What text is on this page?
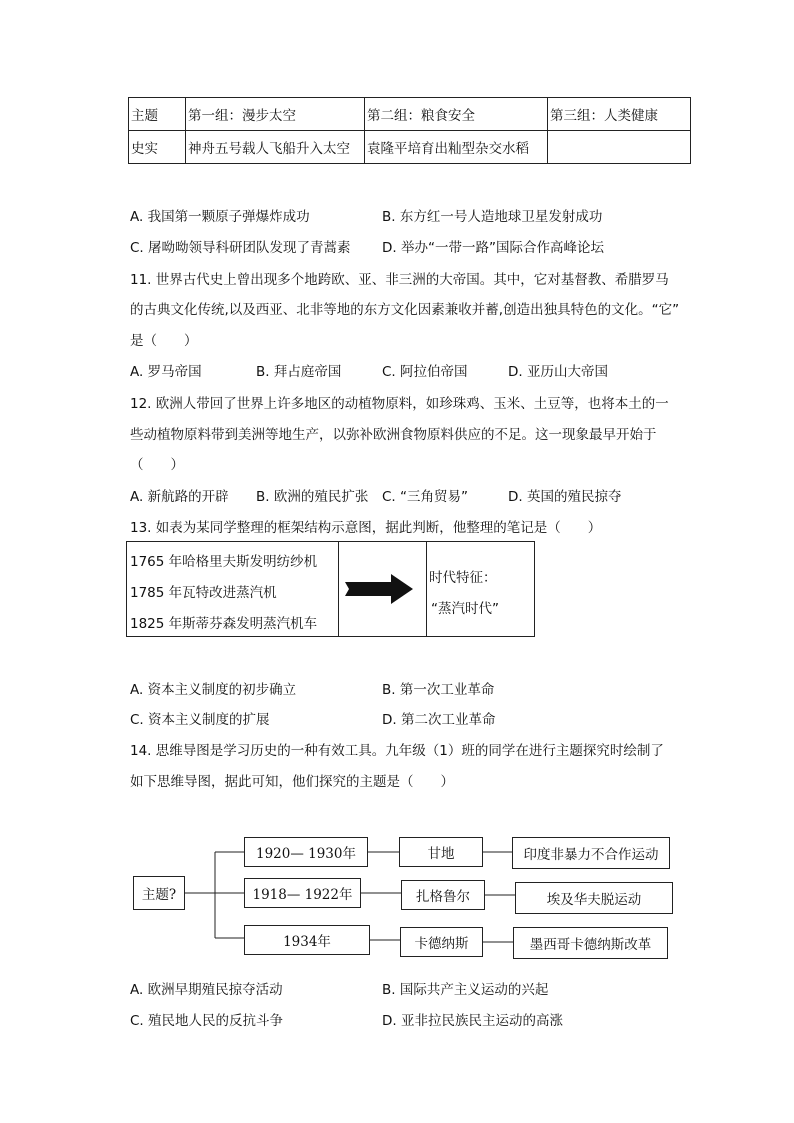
主题	第一组：漫步太空	第二组：粮食安全	第三组：人类健康
史实	神舟五号载人飞船升入太空	袁隆平培育出籼型杂交水稻	
A. 我国第一颗原子弹爆炸成功	B. 东方红一号人造地球卫星发射成功
C. 屠呦呦领导科研团队发现了青蒿素 D. 举办“一带一路”国际合作高峰论坛
11. 世界古代史上曾出现多个地跨欧、亚、非三洲的大帝国。其中，它对基督教、希腊罗马
的古典文化传统,以及西亚、北非等地的东方文化因素兼收并蓄,创造出独具特色的文化。“它”
是（　　）
A. 罗马帝国	B. 拜占庭帝国	C. 阿拉伯帝国	D. 亚历山大帝国
12. 欧洲人带回了世界上许多地区的动植物原料，如珍珠鸡、玉米、土豆等，也将本土的一
些动植物原料带到美洲等地生产，以弥补欧洲食物原料供应的不足。这一现象最早开始于
（　　）
A. 新航路的开辟 B. 欧洲的殖民扩张 C. “三角贸易”	D. 英国的殖民掠夺
13. 如表为某同学整理的框架结构示意图，据此判断，他整理的笔记是（　　）
1765 年哈格里夫斯发明纺纱机
1785 年瓦特改进蒸汽机
1825 年斯蒂芬森发明蒸汽机车
时代特征：
“蒸汽时代”
A. 资本主义制度的初步确立	B. 第一次工业革命
C. 资本主义制度的扩展	D. 第二次工业革命
14. 思维导图是学习历史的一种有效工具。九年级（1）班的同学在进行主题探究时绘制了
如下思维导图，据此可知，他们探究的主题是（　　）
主题?
1920— 1930年
1918— 1922年
1934年
甘地
扎格鲁尔
卡德纳斯
印度非暴力不合作运动
埃及华夫脱运动
墨西哥卡德纳斯改革
A. 欧洲早期殖民掠夺活动	B. 国际共产主义运动的兴起
C. 殖民地人民的反抗斗争	D. 亚非拉民族民主运动的高涨
